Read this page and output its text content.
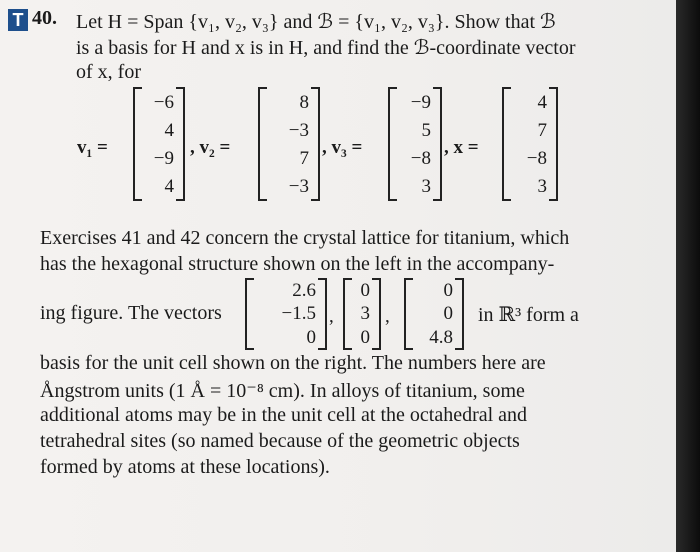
T 40. Let H = Span {v₁, v₂, v₃} and ℬ = {v₁, v₂, v₃}. Show that ℬ
is a basis for H and x is in H, and find the ℬ-coordinate vector
of x, for
v₁ =
−6
4
−9
4
, v₂ =
8
−3
7
−3
, v₃ =
−9
5
−8
3
, x =
4
7
−8
3
Exercises 41 and 42 concern the crystal lattice for titanium, which
has the hexagonal structure shown on the left in the accompany-
ing figure. The vectors
2.6
−1.5
0
,
0
3
0
,
0
0
4.8
in ℝ³ form a
basis for the unit cell shown on the right. The numbers here are
Ångstrom units (1 Å = 10⁻⁸ cm). In alloys of titanium, some
additional atoms may be in the unit cell at the octahedral and
tetrahedral sites (so named because of the geometric objects
formed by atoms at these locations).
